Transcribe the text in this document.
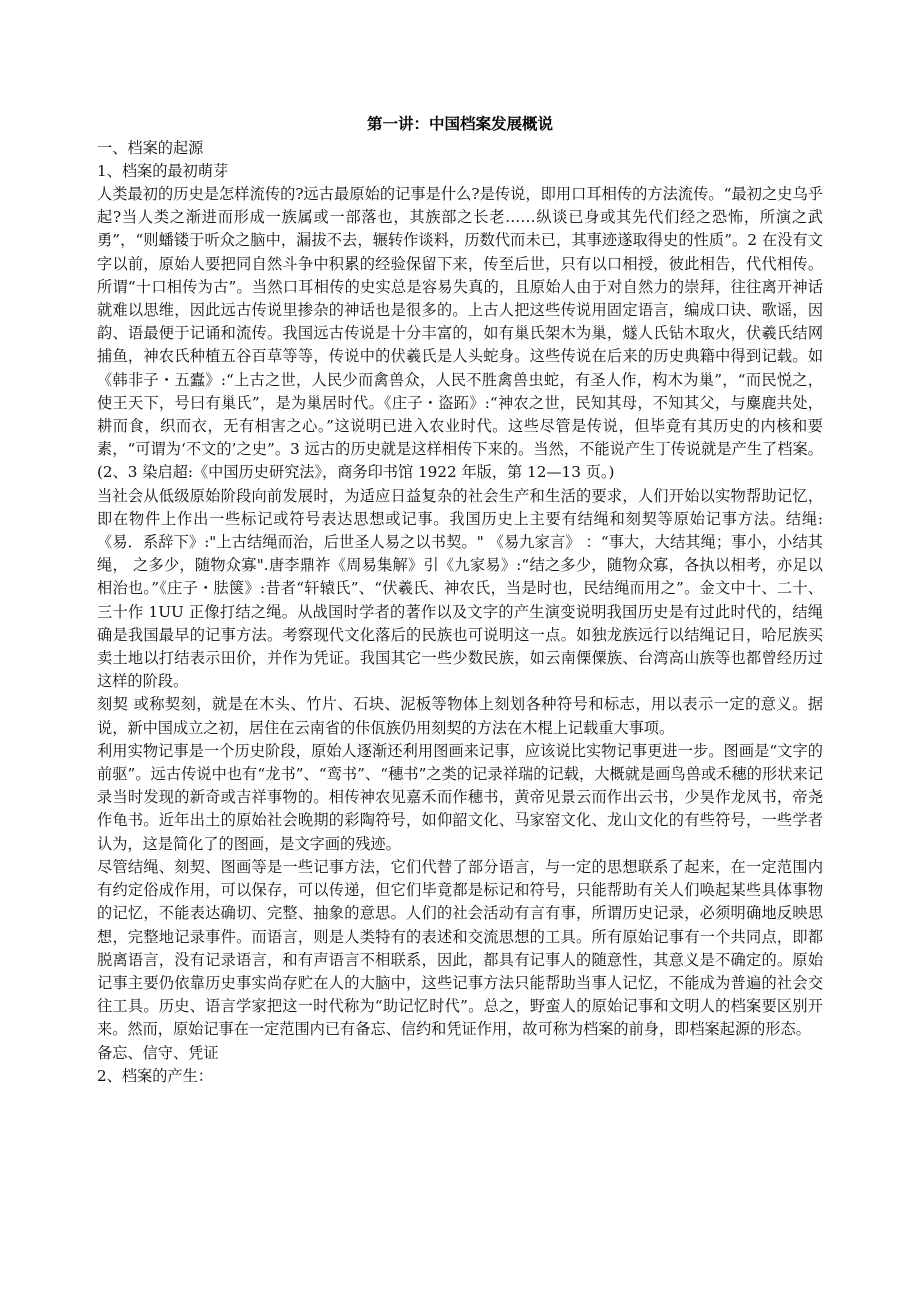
第一讲：中国档案发展概说
一、档案的起源
1、档案的最初萌芽

人类最初的历史是怎样流传的?远古最原始的记事是什么?是传说，即用口耳相传的方法流传。“最初之史乌乎起?当人类之渐进而形成一族属或一部落也，其族部之长老……纵谈已身或其先代们经之恐怖，所演之武勇”，“则蟠镂于听众之脑中，漏拔不去，辗转作谈料，历数代而未已，其事迹遂取得史的性质”。2 在没有文字以前，原始人要把同自然斗争中积累的经验保留下来，传至后世，只有以口相授，彼此相告，代代相传。所谓“十口相传为古”。当然口耳相传的史实总是容易失真的，且原始人由于对自然力的崇拜，往往离开神话就难以思维，因此远古传说里掺杂的神话也是很多的。上古人把这些传说用固定语言，编成口诀、歌谣，因韵、语最便于记诵和流传。我国远古传说是十分丰富的，如有巢氏架木为巢，燧人氏钻木取火，伏羲氏结网捕鱼，神农氏种植五谷百草等等，传说中的伏羲氏是人头蛇身。这些传说在后来的历史典籍中得到记载。如《韩非子・五蠹》:“上古之世，人民少而禽兽众，人民不胜禽兽虫蛇，有圣人作，构木为巢”，“而民悦之，使王天下，号曰有巢氏”，是为巢居时代。《庄子・盗跖》:“神农之世，民知其母，不知其父，与麋鹿共处，耕而食，织而衣，无有相害之心。”这说明已进入农业时代。这些尽管是传说，但毕竟有其历史的内核和要素，“可谓为‘不文的’之史”。3 远古的历史就是这样相传下来的。当然，不能说产生丁传说就是产生了档案。(2、3 染启超:《中国历史研究法》，商务印书馆 1922 年版，第 12—13 页。)

当社会从低级原始阶段向前发展时，为适应日益复杂的社会生产和生活的要求，人们开始以实物帮助记忆，即在物件上作出一些标记或符号表达思想或记事。我国历史上主要有结绳和刻契等原始记事方法。结绳:《易．系辞下》:"上古结绳而治，后世圣人易之以书契。" 《易九家言》 ：“事大，大结其绳；事小，小结其绳， 之多少，随物众寡".唐李鼎祚《周易集解》引《九家易》:“结之多少，随物众寡，各执以相考，亦足以相治也。”《庄子・胠箧》:昔者“轩辕氏”、“伏羲氏、神农氏，当是时也，民结绳而用之”。金文中十、二十、三十作 1UU 正像打结之绳。从战国时学者的著作以及文字的产生演变说明我国历史是有过此时代的，结绳确是我国最早的记事方法。考察现代文化落后的民族也可说明这一点。如独龙族远行以结绳记日，哈尼族买卖土地以打结表示田价，并作为凭证。我国其它一些少数民族，如云南傈僳族、台湾高山族等也都曾经历过这样的阶段。

刻契 或称契刻，就是在木头、竹片、石块、泥板等物体上刻划各种符号和标志，用以表示一定的意义。据说，新中国成立之初，居住在云南省的佧佤族仍用刻契的方法在木棍上记载重大事项。

利用实物记事是一个历史阶段，原始人逐渐还利用图画来记事，应该说比实物记事更进一步。图画是“文字的前驱”。远古传说中也有“龙书”、“鸾书”、“穗书”之类的记录祥瑞的记载，大概就是画鸟兽或禾穗的形状来记录当时发现的新奇或吉祥事物的。相传神农见嘉禾而作穗书，黄帝见景云而作出云书，少昊作龙凤书，帝尧作龟书。近年出土的原始社会晚期的彩陶符号，如仰韶文化、马家窑文化、龙山文化的有些符号，一些学者认为，这是简化了的图画，是文字画的残迹。

尽管结绳、刻契、图画等是一些记事方法，它们代替了部分语言，与一定的思想联系了起来，在一定范围内有约定俗成作用，可以保存，可以传递，但它们毕竟都是标记和符号，只能帮助有关人们唤起某些具体事物的记忆，不能表达确切、完整、抽象的意思。人们的社会活动有言有事，所谓历史记录，必须明确地反映思想，完整地记录事件。而语言，则是人类特有的表述和交流思想的工具。所有原始记事有一个共同点，即都脱离语言，没有记录语言，和有声语言不相联系，因此，都具有记事人的随意性，其意义是不确定的。原始记事主要仍依靠历史事实尚存贮在人的大脑中，这些记事方法只能帮助当事人记忆，不能成为普遍的社会交往工具。历史、语言学家把这一时代称为“助记忆时代”。总之，野蛮人的原始记事和文明人的档案要区别开来。然而，原始记事在一定范围内已有备忘、信约和凭证作用，故可称为档案的前身，即档案起源的形态。

备忘、信守、凭证
2、档案的产生：
